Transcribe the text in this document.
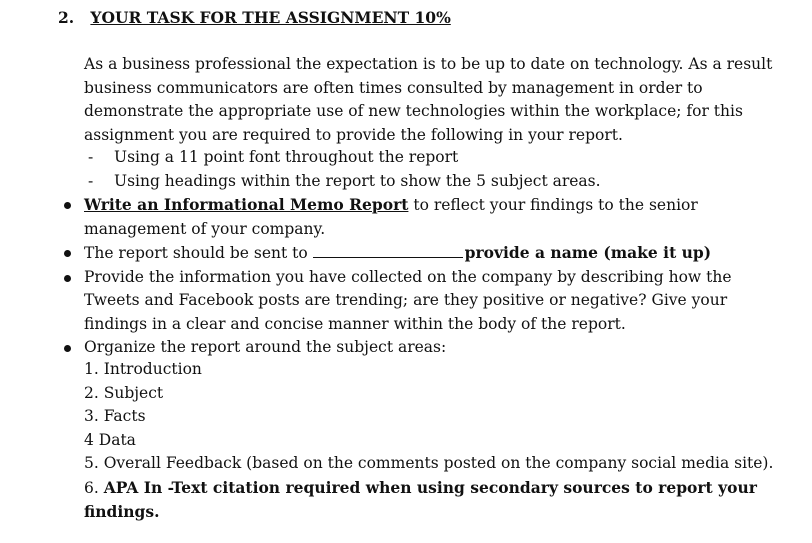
2. YOUR TASK FOR THE ASSIGNMENT 10%
As a business professional the expectation is to be up to date on technology. As a result business communicators are often times consulted by management in order to demonstrate the appropriate use of new technologies within the workplace; for this assignment you are required to provide the following in your report.
-	Using a 11 point font throughout the report
-	Using headings within the report to show the 5 subject areas.
Write an Informational Memo Report to reflect your findings to the senior management of your company.
The report should be sent to	provide a name (make it up)
Provide the information you have collected on the company by describing how the Tweets and Facebook posts are trending; are they positive or negative? Give your findings in a clear and concise manner within the body of the report.
Organize the report around the subject areas:
1. Introduction
2. Subject
3. Facts
4 Data
5. Overall Feedback (based on the comments posted on the company social media site).
6. APA In -Text citation required when using secondary sources to report your findings.
